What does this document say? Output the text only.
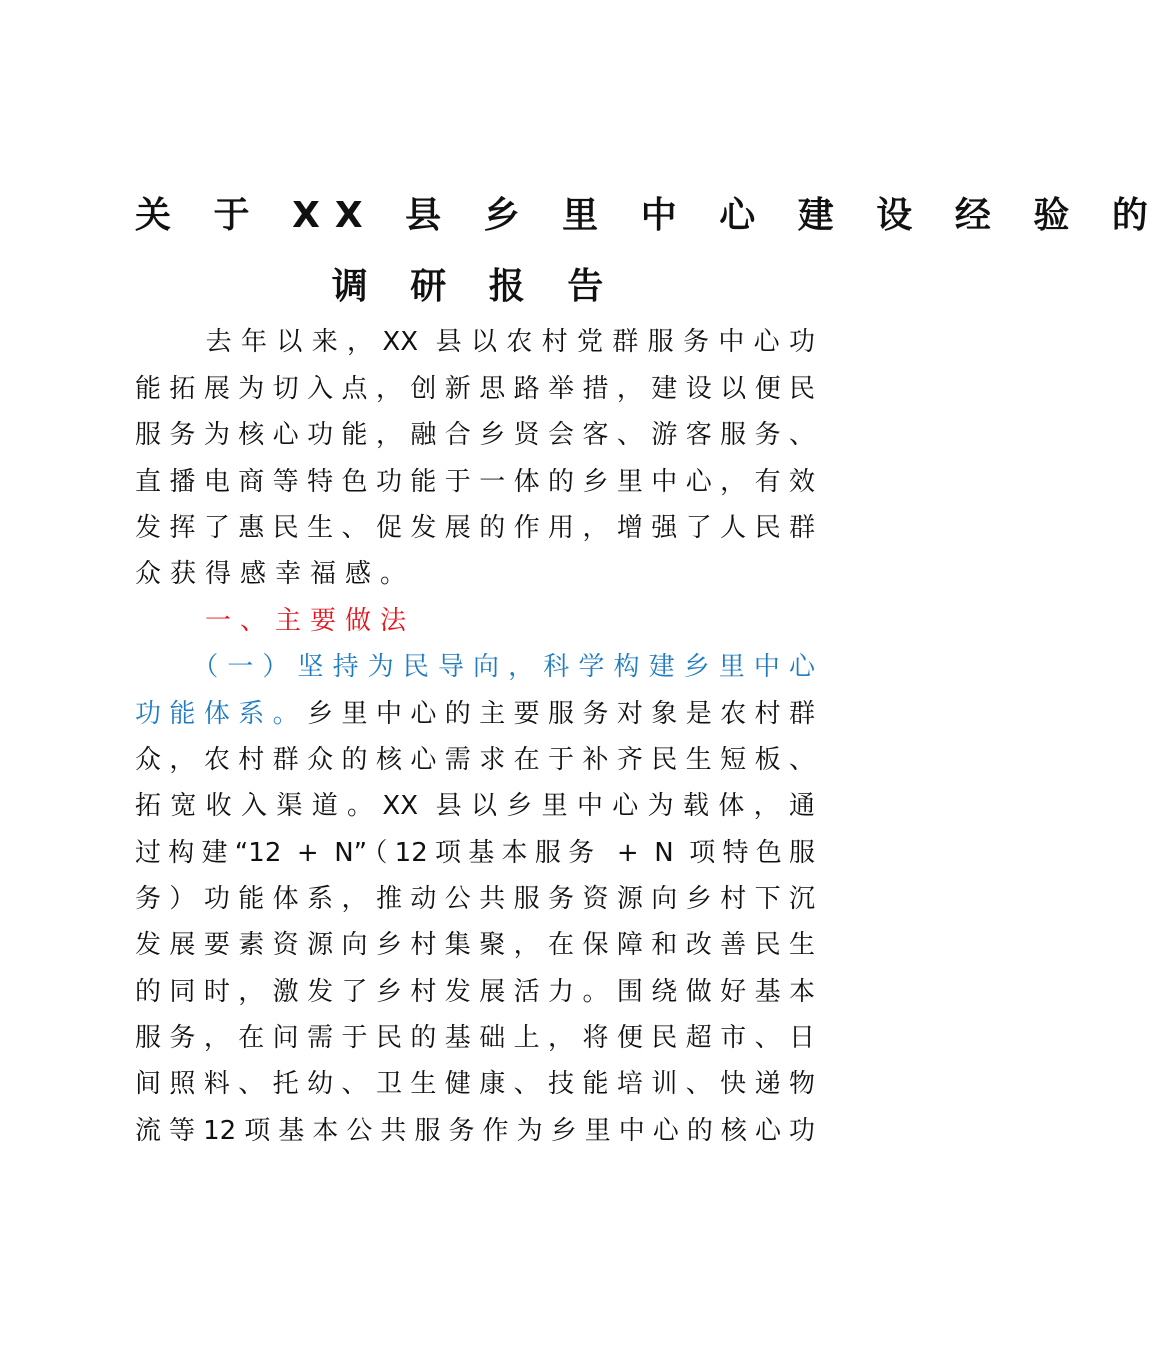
关 于 XX 县 乡 里 中 心 建 设 经 验 的
调 研 报 告
　　去年以来，XX 县以农村党群服务中心功
能拓展为切入点，创新思路举措，建设以便民
服务为核心功能，融合乡贤会客、游客服务、
直播电商等特色功能于一体的乡里中心，有效
发挥了惠民生、促发展的作用，增强了人民群
众获得感幸福感。
　　一、主要做法
　　（一）坚持为民导向，科学构建乡里中心
功能体系。乡里中心的主要服务对象是农村群
众，农村群众的核心需求在于补齐民生短板、
拓宽收入渠道。XX 县以乡里中心为载体，通
过构建“12 + N”（12项基本服务 + N 项特色服
务）功能体系，推动公共服务资源向乡村下沉
发展要素资源向乡村集聚，在保障和改善民生
的同时，激发了乡村发展活力。围绕做好基本
服务，在问需于民的基础上，将便民超市、日
间照料、托幼、卫生健康、技能培训、快递物
流等12项基本公共服务作为乡里中心的核心功
